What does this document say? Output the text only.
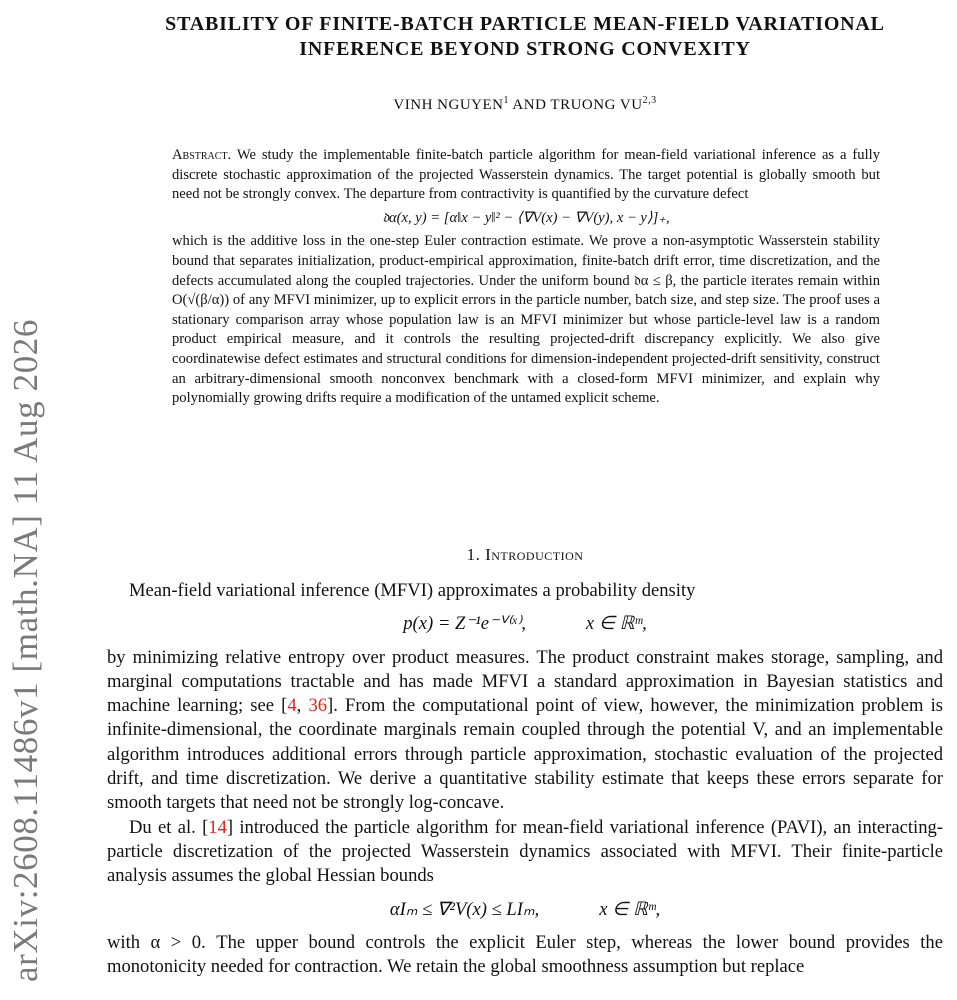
arXiv:2608.11486v1 [math.NA] 11 Aug 2026
STABILITY OF FINITE-BATCH PARTICLE MEAN-FIELD VARIATIONAL
INFERENCE BEYOND STRONG CONVEXITY
VINH NGUYEN$^1$ AND TRUONG VU$^{2,3}$
Abstract. We study the implementable finite-batch particle algorithm for mean-field variational inference as a fully discrete stochastic approximation of the projected Wasserstein dynamics. The target potential is globally smooth but need not be strongly convex. The departure from contractivity is quantified by the curvature defect
𝔡α(x, y) = [α‖x − y‖² − ⟨∇V(x) − ∇V(y), x − y⟩]₊,
which is the additive loss in the one-step Euler contraction estimate. We prove a non-asymptotic Wasserstein stability bound that separates initialization, product-empirical approximation, finite-batch drift error, time discretization, and the defects accumulated along the coupled trajectories. Under the uniform bound 𝔡α ≤ β, the particle iterates remain within O(√(β/α)) of any MFVI minimizer, up to explicit errors in the particle number, batch size, and step size. The proof uses a stationary comparison array whose population law is an MFVI minimizer but whose particle-level law is a random product empirical measure, and it controls the resulting projected-drift discrepancy explicitly. We also give coordinatewise defect estimates and structural conditions for dimension-independent projected-drift sensitivity, construct an arbitrary-dimensional smooth nonconvex benchmark with a closed-form MFVI minimizer, and explain why polynomially growing drifts require a modification of the untamed explicit scheme.
1. Introduction

Mean-field variational inference (MFVI) approximates a probability density

p(x) = Z⁻¹e⁻ⱽ⁽ˣ⁾,	x ∈ ℝᵐ,

by minimizing relative entropy over product measures. The product constraint makes storage, sampling, and marginal computations tractable and has made MFVI a standard approximation in Bayesian statistics and machine learning; see [4, 36]. From the computational point of view, however, the minimization problem is infinite-dimensional, the coordinate marginals remain coupled through the potential V, and an implementable algorithm introduces additional errors through particle approximation, stochastic evaluation of the projected drift, and time discretization. We derive a quantitative stability estimate that keeps these errors separate for smooth targets that need not be strongly log-concave.

Du et al. [14] introduced the particle algorithm for mean-field variational inference (PAVI), an interacting-particle discretization of the projected Wasserstein dynamics associated with MFVI. Their finite-particle analysis assumes the global Hessian bounds

αIₘ ≤ ∇²V(x) ≤ LIₘ,	x ∈ ℝᵐ,

with α > 0. The upper bound controls the explicit Euler step, whereas the lower bound provides the monotonicity needed for contraction. We retain the global smoothness assumption but replace
